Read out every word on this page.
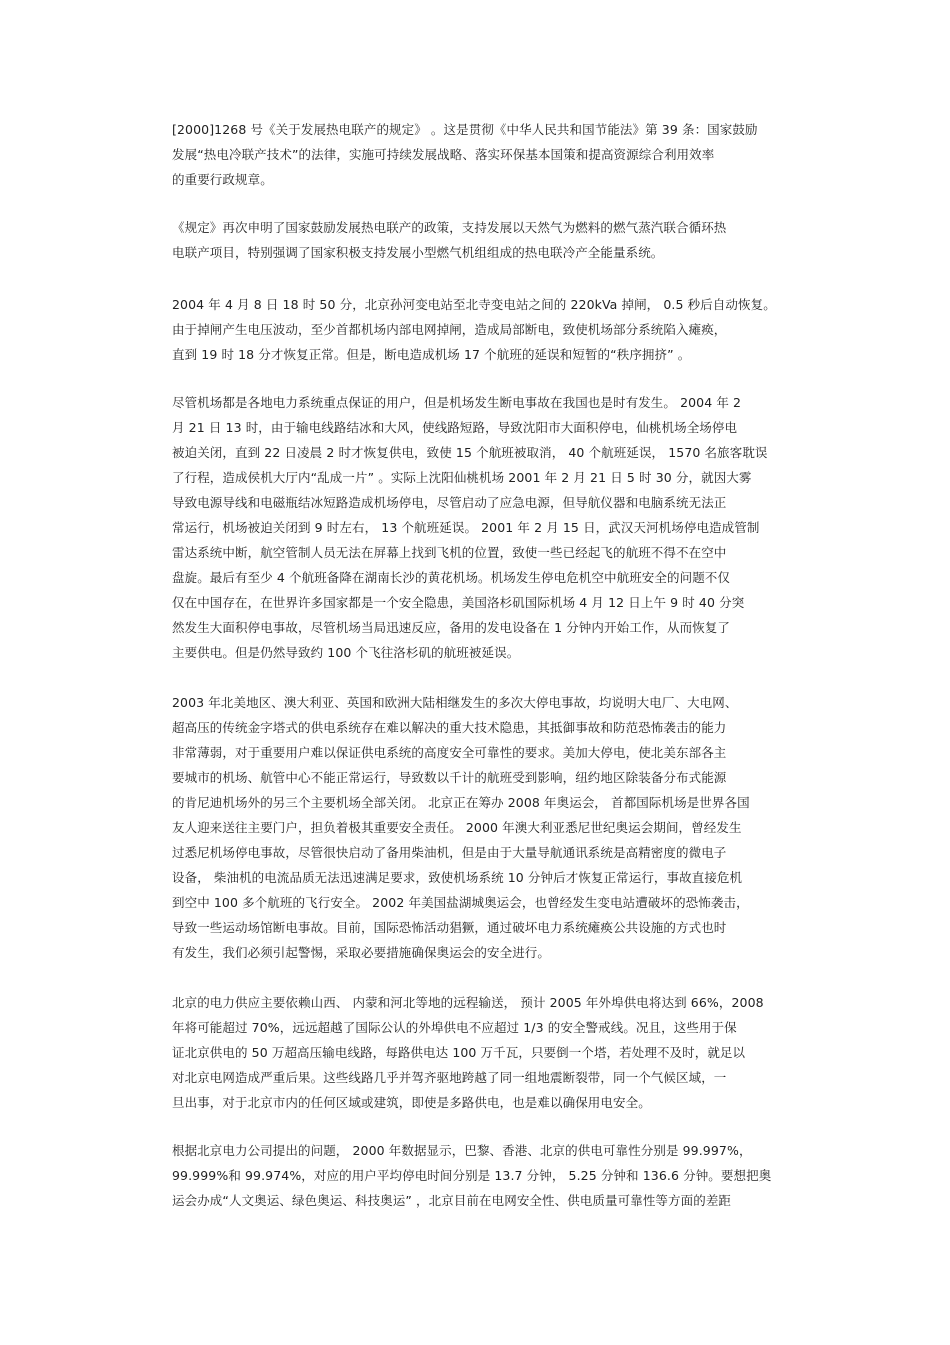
[2000]1268 号《关于发展热电联产的规定》 。这是贯彻《中华人民共和国节能法》第 39 条：国家鼓励
发展“热电冷联产技术”的法律，实施可持续发展战略、落实环保基本国策和提高资源综合利用效率
的重要行政规章。
《规定》再次申明了国家鼓励发展热电联产的政策，支持发展以天然气为燃料的燃气蒸汽联合循环热
电联产项目，特别强调了国家积极支持发展小型燃气机组组成的热电联冷产全能量系统。
2004 年 4 月 8 日 18 时 50 分，北京孙河变电站至北寺变电站之间的 220kVa 掉闸， 0.5 秒后自动恢复。
由于掉闸产生电压波动，至少首都机场内部电网掉闸，造成局部断电，致使机场部分系统陷入瘫痪，
直到 19 时 18 分才恢复正常。但是，断电造成机场 17 个航班的延误和短暂的“秩序拥挤” 。
尽管机场都是各地电力系统重点保证的用户，但是机场发生断电事故在我国也是时有发生。 2004 年 2
月 21 日 13 时，由于输电线路结冰和大风，使线路短路，导致沈阳市大面积停电，仙桃机场全场停电
被迫关闭，直到 22 日凌晨 2 时才恢复供电，致使 15 个航班被取消， 40 个航班延误， 1570 名旅客耽误
了行程，造成侯机大厅内“乱成一片” 。实际上沈阳仙桃机场 2001 年 2 月 21 日 5 时 30 分，就因大雾
导致电源导线和电磁瓶结冰短路造成机场停电，尽管启动了应急电源，但导航仪器和电脑系统无法正
常运行，机场被迫关闭到 9 时左右， 13 个航班延误。 2001 年 2 月 15 日，武汉天河机场停电造成管制
雷达系统中断，航空管制人员无法在屏幕上找到飞机的位置，致使一些已经起飞的航班不得不在空中
盘旋。最后有至少 4 个航班备降在湖南长沙的黄花机场。机场发生停电危机空中航班安全的问题不仅
仅在中国存在，在世界许多国家都是一个安全隐患，美国洛杉矶国际机场 4 月 12 日上午 9 时 40 分突
然发生大面积停电事故，尽管机场当局迅速反应，备用的发电设备在 1 分钟内开始工作，从而恢复了
主要供电。但是仍然导致约 100 个飞往洛杉矶的航班被延误。
2003 年北美地区、澳大利亚、英国和欧洲大陆相继发生的多次大停电事故，均说明大电厂、大电网、
超高压的传统金字塔式的供电系统存在难以解决的重大技术隐患，其抵御事故和防范恐怖袭击的能力
非常薄弱，对于重要用户难以保证供电系统的高度安全可靠性的要求。美加大停电，使北美东部各主
要城市的机场、航管中心不能正常运行，导致数以千计的航班受到影响，纽约地区除装备分布式能源
的肯尼迪机场外的另三个主要机场全部关闭。 北京正在筹办 2008 年奥运会， 首都国际机场是世界各国
友人迎来送往主要门户，担负着极其重要安全责任。 2000 年澳大利亚悉尼世纪奥运会期间，曾经发生
过悉尼机场停电事故，尽管很快启动了备用柴油机，但是由于大量导航通讯系统是高精密度的微电子
设备， 柴油机的电流品质无法迅速满足要求，致使机场系统 10 分钟后才恢复正常运行，事故直接危机
到空中 100 多个航班的飞行安全。 2002 年美国盐湖城奥运会，也曾经发生变电站遭破坏的恐怖袭击，
导致一些运动场馆断电事故。目前，国际恐怖活动猖獗，通过破坏电力系统瘫痪公共设施的方式也时
有发生，我们必须引起警惕，采取必要措施确保奥运会的安全进行。
北京的电力供应主要依赖山西、 内蒙和河北等地的远程输送， 预计 2005 年外埠供电将达到 66%，2008
年将可能超过 70%，远远超越了国际公认的外埠供电不应超过 1/3 的安全警戒线。况且，这些用于保
证北京供电的 50 万超高压输电线路，每路供电达 100 万千瓦，只要倒一个塔，若处理不及时，就足以
对北京电网造成严重后果。这些线路几乎并驾齐驱地跨越了同一组地震断裂带，同一个气候区域，一
旦出事，对于北京市内的任何区域或建筑，即使是多路供电，也是难以确保用电安全。
根据北京电力公司提出的问题， 2000 年数据显示，巴黎、香港、北京的供电可靠性分别是 99.997%，
99.999%和 99.974%，对应的用户平均停电时间分别是 13.7 分钟， 5.25 分钟和 136.6 分钟。要想把奥
运会办成“人文奥运、绿色奥运、科技奥运” ，北京目前在电网安全性、供电质量可靠性等方面的差距
